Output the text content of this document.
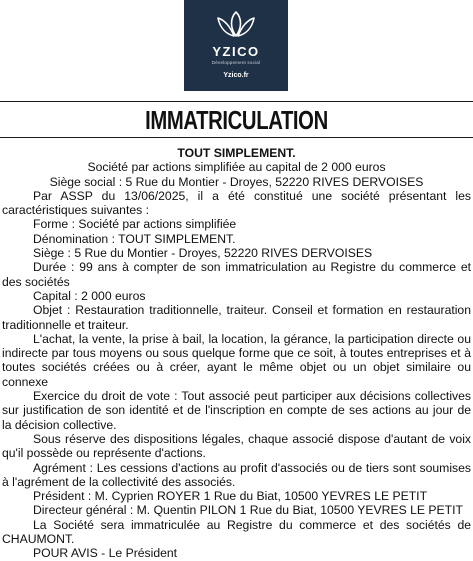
YZICO
Développement social
Yzico.fr
IMMATRICULATION
TOUT SIMPLEMENT.
Société par actions simplifiée au capital de 2 000 euros
Siège social : 5 Rue du Montier - Droyes, 52220 RIVES DERVOISES
Par ASSP du 13/06/2025, il a été constitué une société présentant les caractéristiques suivantes :
Forme : Société par actions simplifiée
Dénomination : TOUT SIMPLEMENT.
Siège : 5 Rue du Montier - Droyes, 52220 RIVES DERVOISES
Durée : 99 ans à compter de son immatriculation au Registre du commerce et des sociétés
Capital : 2 000 euros
Objet : Restauration traditionnelle, traiteur. Conseil et formation en restauration traditionnelle et traiteur.
L'achat, la vente, la prise à bail, la location, la gérance, la participation directe ou indirecte par tous moyens ou sous quelque forme que ce soit, à toutes entreprises et à toutes sociétés créées ou à créer, ayant le même objet ou un objet similaire ou connexe
Exercice du droit de vote : Tout associé peut participer aux décisions collectives sur justification de son identité et de l'inscription en compte de ses actions au jour de la décision collective.
Sous réserve des dispositions légales, chaque associé dispose d'autant de voix qu'il possède ou représente d'actions.
Agrément : Les cessions d'actions au profit d'associés ou de tiers sont soumises à l'agrément de la collectivité des associés.
Président : M. Cyprien ROYER 1 Rue du Biat, 10500 YEVRES LE PETIT
Directeur général : M. Quentin PILON 1 Rue du Biat, 10500 YEVRES LE PETIT
La Société sera immatriculée au Registre du commerce et des sociétés de CHAUMONT.
POUR AVIS - Le Président
